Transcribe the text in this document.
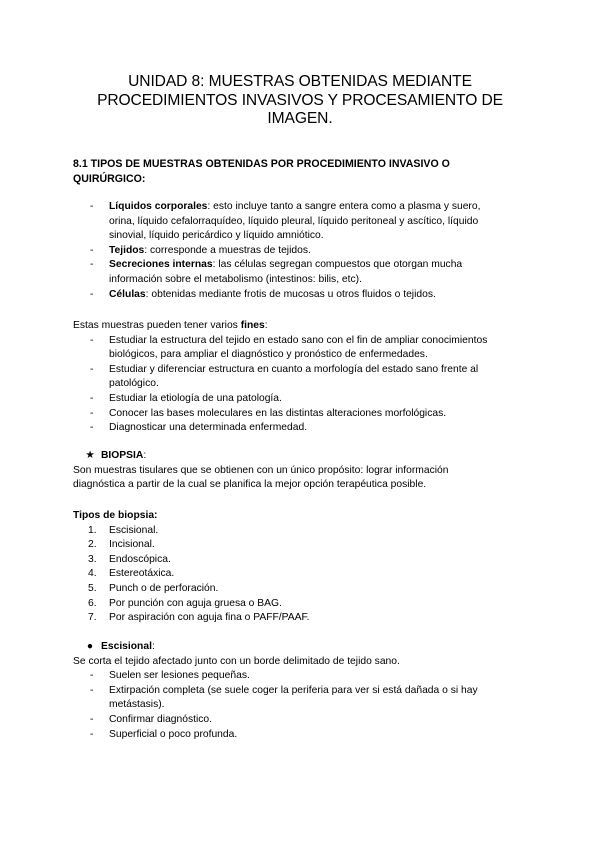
UNIDAD 8: MUESTRAS OBTENIDAS MEDIANTE
PROCEDIMIENTOS INVASIVOS Y PROCESAMIENTO DE
IMAGEN.
8.1 TIPOS DE MUESTRAS OBTENIDAS POR PROCEDIMIENTO INVASIVO O
QUIRÚRGICO:
- Líquidos corporales: esto incluye tanto a sangre entera como a plasma y suero,
orina, líquido cefalorraquídeo, líquido pleural, líquido peritoneal y ascítico, líquido
sinovial, líquido pericárdico y líquido amniótico.
- Tejidos: corresponde a muestras de tejidos.
- Secreciones internas: las células segregan compuestos que otorgan mucha
información sobre el metabolismo (intestinos: bilis, etc).
- Células: obtenidas mediante frotis de mucosas u otros fluidos o tejidos.
Estas muestras pueden tener varios fines:
- Estudiar la estructura del tejido en estado sano con el fin de ampliar conocimientos
biológicos, para ampliar el diagnóstico y pronóstico de enfermedades.
- Estudiar y diferenciar estructura en cuanto a morfología del estado sano frente al
patológico.
- Estudiar la etiología de una patología.
- Conocer las bases moleculares en las distintas alteraciones morfológicas.
- Diagnosticar una determinada enfermedad.
★ BIOPSIA:
Son muestras tisulares que se obtienen con un único propósito: lograr información
diagnóstica a partir de la cual se planifica la mejor opción terapéutica posible.
Tipos de biopsia:
1. Escisional.
2. Incisional.
3. Endoscópica.
4. Estereotáxica.
5. Punch o de perforación.
6. Por punción con aguja gruesa o BAG.
7. Por aspiración con aguja fina o PAFF/PAAF.
● Escisional:
Se corta el tejido afectado junto con un borde delimitado de tejido sano.
- Suelen ser lesiones pequeñas.
- Extirpación completa (se suele coger la periferia para ver si está dañada o si hay
metástasis).
- Confirmar diagnóstico.
- Superficial o poco profunda.
